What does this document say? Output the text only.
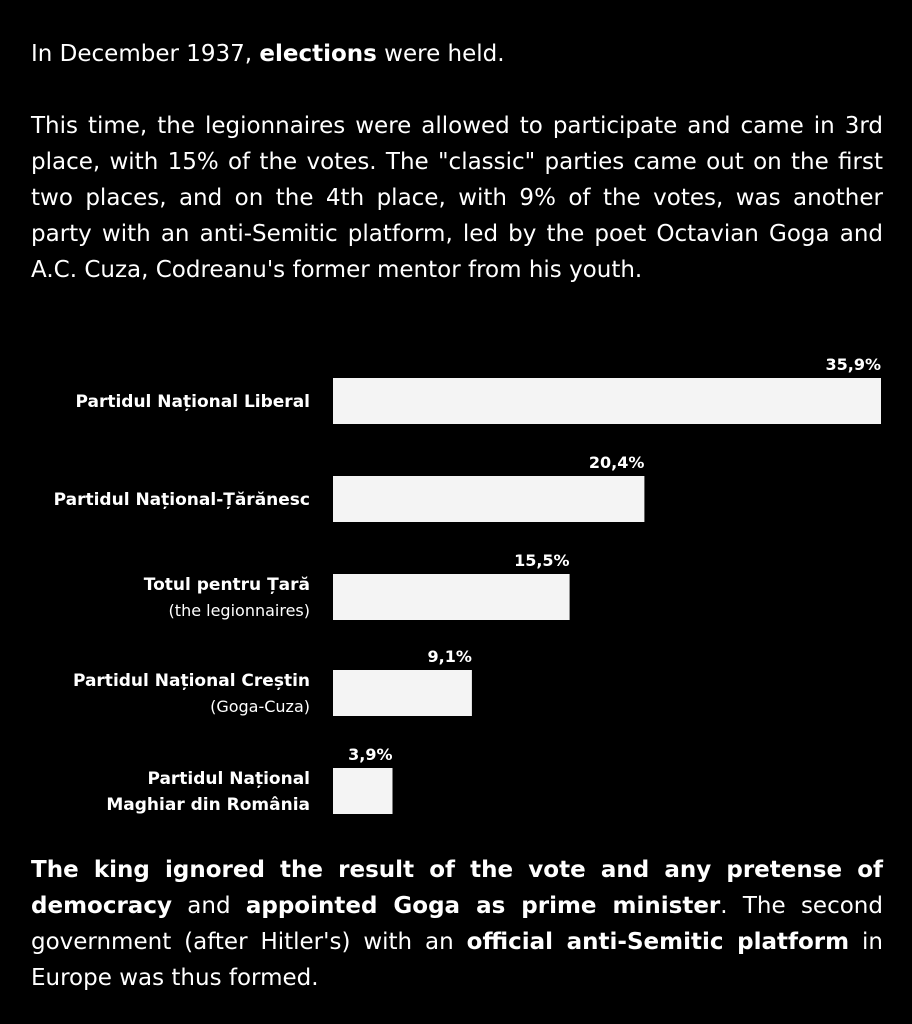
In December 1937, elections were held.

This time, the legionnaires were allowed to participate and came in 3rd place, with 15% of the votes. The "classic" parties came out on the first two places, and on the 4th place, with 9% of the votes, was another party with an anti-Semitic platform, led by the poet Octavian Goga and A.C. Cuza, Codreanu's former mentor from his youth.

35,9%
Partidul Național Liberal
20,4%
Partidul Național-Țărănesc
15,5%
Totul pentru Țară
(the legionnaires)
9,1%
Partidul Național Creștin
(Goga-Cuza)
3,9%
Partidul Național
Maghiar din România

The king ignored the result of the vote and any pretense of democracy and appointed Goga as prime minister. The second government (after Hitler's) with an official anti-Semitic platform in Europe was thus formed.
